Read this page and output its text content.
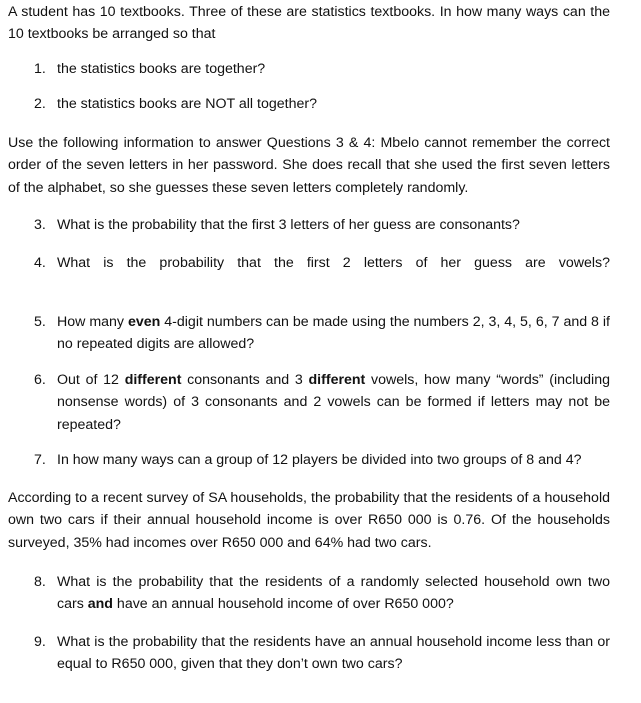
A student has 10 textbooks. Three of these are statistics textbooks. In how many ways can the 10 textbooks be arranged so that
1. the statistics books are together?
2. the statistics books are NOT all together?
Use the following information to answer Questions 3 & 4: Mbelo cannot remember the correct order of the seven letters in her password. She does recall that she used the first seven letters of the alphabet, so she guesses these seven letters completely randomly.
3. What is the probability that the first 3 letters of her guess are consonants?
4. What is the probability that the first 2 letters of her guess are vowels?
5. How many even 4-digit numbers can be made using the numbers 2, 3, 4, 5, 6, 7 and 8 if no repeated digits are allowed?
6. Out of 12 different consonants and 3 different vowels, how many “words” (including nonsense words) of 3 consonants and 2 vowels can be formed if letters may not be repeated?
7. In how many ways can a group of 12 players be divided into two groups of 8 and 4?
According to a recent survey of SA households, the probability that the residents of a household own two cars if their annual household income is over R650 000 is 0.76. Of the households surveyed, 35% had incomes over R650 000 and 64% had two cars.
8. What is the probability that the residents of a randomly selected household own two cars and have an annual household income of over R650 000?
9. What is the probability that the residents have an annual household income less than or equal to R650 000, given that they don’t own two cars?
